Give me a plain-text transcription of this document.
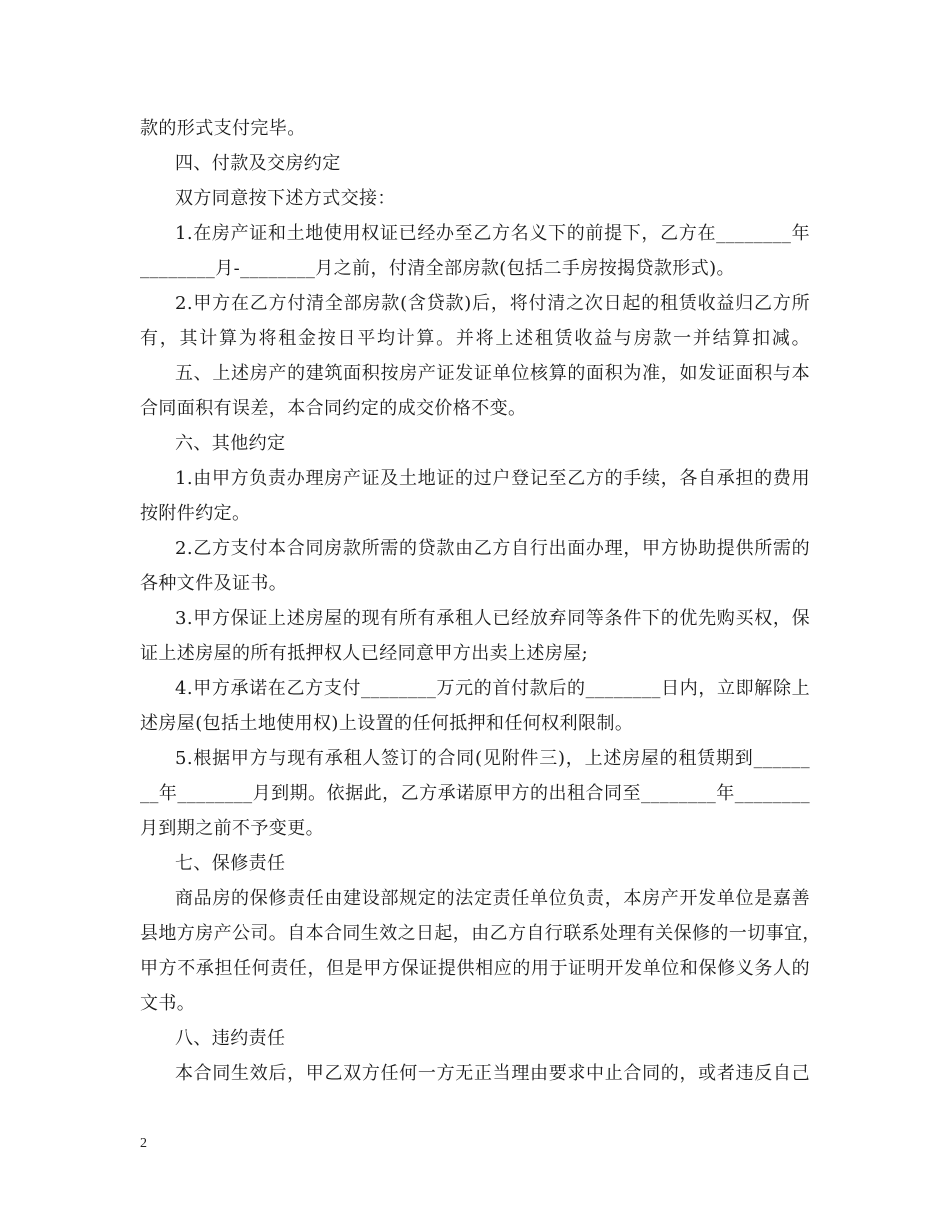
款的形式支付完毕。
四、付款及交房约定
双方同意按下述方式交接：
1.在房产证和土地使用权证已经办至乙方名义下的前提下，乙方在________年
________月-________月之前，付清全部房款(包括二手房按揭贷款形式)。
2.甲方在乙方付清全部房款(含贷款)后，将付清之次日起的租赁收益归乙方所
有，其计算为将租金按日平均计算。并将上述租赁收益与房款一并结算扣减。
五、上述房产的建筑面积按房产证发证单位核算的面积为准，如发证面积与本
合同面积有误差，本合同约定的成交价格不变。
六、其他约定
1.由甲方负责办理房产证及土地证的过户登记至乙方的手续，各自承担的费用
按附件约定。
2.乙方支付本合同房款所需的贷款由乙方自行出面办理，甲方协助提供所需的
各种文件及证书。
3.甲方保证上述房屋的现有所有承租人已经放弃同等条件下的优先购买权，保
证上述房屋的所有抵押权人已经同意甲方出卖上述房屋;
4.甲方承诺在乙方支付________万元的首付款后的________日内，立即解除上
述房屋(包括土地使用权)上设置的任何抵押和任何权利限制。
5.根据甲方与现有承租人签订的合同(见附件三)，上述房屋的租赁期到______
__年________月到期。依据此，乙方承诺原甲方的出租合同至________年________
月到期之前不予变更。
七、保修责任
商品房的保修责任由建设部规定的法定责任单位负责，本房产开发单位是嘉善
县地方房产公司。自本合同生效之日起，由乙方自行联系处理有关保修的一切事宜，
甲方不承担任何责任，但是甲方保证提供相应的用于证明开发单位和保修义务人的
文书。
八、违约责任
本合同生效后，甲乙双方任何一方无正当理由要求中止合同的，或者违反自己
2
